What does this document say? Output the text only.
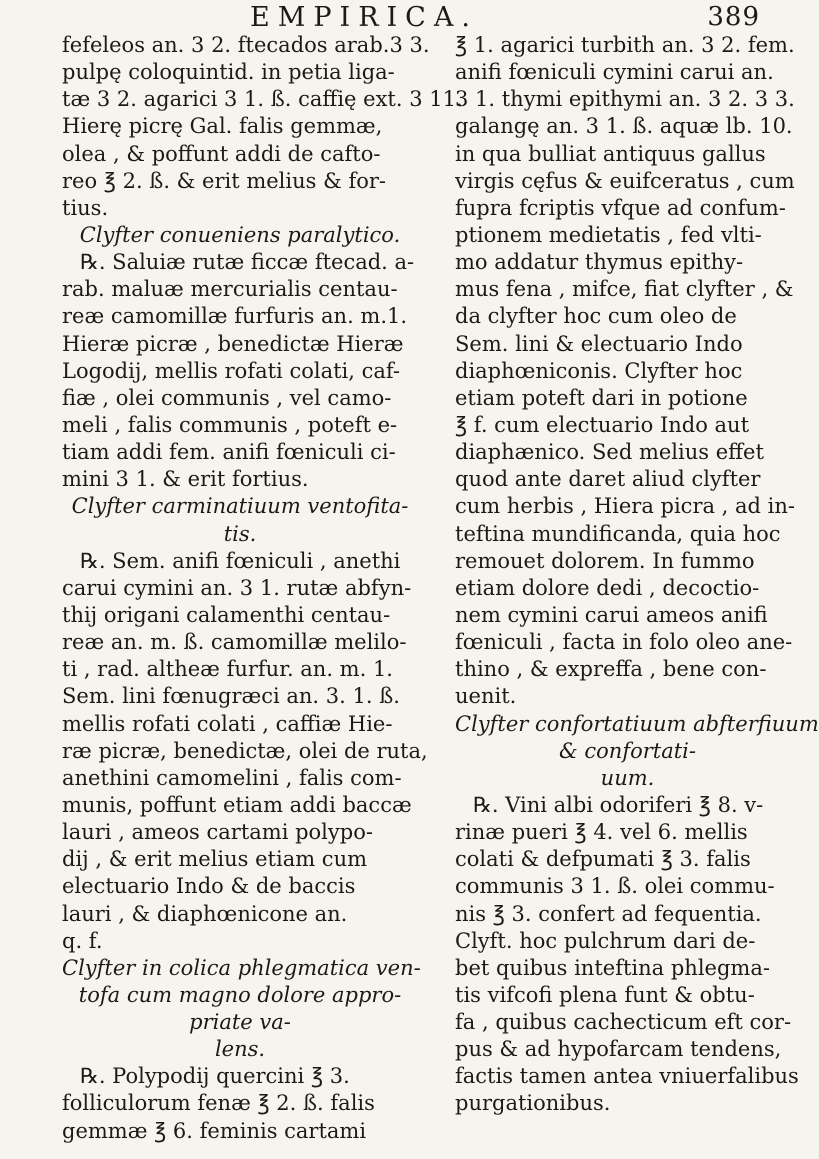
EMPIRICA.	389
fefeleos an. 3 2. ftecados arab.3 3.
pulpę coloquintid. in petia liga-
tæ 3 2. agarici 3 1. ß. caffię ext. 3 11.
Hierę picrę Gal. falis gemmæ,
olea , & poffunt addi de cafto-
reo ℥ 2. ß. & erit melius & for-
tius.
Clyfter conueniens paralytico.
℞. Saluiæ rutæ ficcæ ftecad. a-
rab. maluæ mercurialis centau-
reæ camomillæ furfuris an. m.1.
Hieræ picræ , benedictæ Hieræ
Logodij, mellis rofati colati, caf-
fiæ , olei communis , vel camo-
meli , falis communis , poteft e-
tiam addi fem. anifi fœniculi ci-
mini 3 1. & erit fortius.
Clyfter carminatiuum ventofita-
tis.
℞. Sem. anifi fœniculi , anethi
carui cymini an. 3 1. rutæ abfyn-
thij origani calamenthi centau-
reæ an. m. ß. camomillæ melilo-
ti , rad. altheæ furfur. an. m. 1.
Sem. lini fœnugræci an. 3. 1. ß.
mellis rofati colati , caffiæ Hie-
ræ picræ, benedictæ, olei de ruta,
anethini camomelini , falis com-
munis, poffunt etiam addi baccæ
lauri , ameos cartami polypo-
dij , & erit melius etiam cum
electuario Indo & de baccis
lauri , & diaphœnicone an.
q. f.
Clyfter in colica phlegmatica ven-
tofa cum magno dolore appro-
priate va-
lens.
℞. Polypodij quercini ℥ 3.
folliculorum fenæ ℥ 2. ß. falis
gemmæ ℥ 6. feminis cartami
℥ 1. agarici turbith an. 3 2. fem.
anifi fœniculi cymini carui an.
3 1. thymi epithymi an. 3 2. 3 3.
galangę an. 3 1. ß. aquæ lb. 10.
in qua bulliat antiquus gallus
virgis cęfus & euifceratus , cum
fupra fcriptis vfque ad confum-
ptionem medietatis , fed vlti-
mo addatur thymus epithy-
mus fena , mifce, fiat clyfter , &
da clyfter hoc cum oleo de
Sem. lini & electuario Indo
diaphœniconis. Clyfter hoc
etiam poteft dari in potione
℥ f. cum electuario Indo aut
diaphænico. Sed melius effet
quod ante daret aliud clyfter
cum herbis , Hiera picra , ad in-
teftina mundificanda, quia hoc
remouet dolorem. In fummo
etiam dolore dedi , decoctio-
nem cymini carui ameos anifi
fœniculi , facta in folo oleo ane-
thino , & expreffa , bene con-
uenit.
Clyfter confortatiuum abfterfiuum
& confortati-
uum.
℞. Vini albi odoriferi ℥ 8. v-
rinæ pueri ℥ 4. vel 6. mellis
colati & defpumati ℥ 3. falis
communis 3 1. ß. olei commu-
nis ℥ 3. confert ad fequentia.
Clyft. hoc pulchrum dari de-
bet quibus inteftina phlegma-
tis vifcofi plena funt & obtu-
fa , quibus cachecticum eft cor-
pus & ad hypofarcam tendens,
factis tamen antea vniuerfalibus
purgationibus.
